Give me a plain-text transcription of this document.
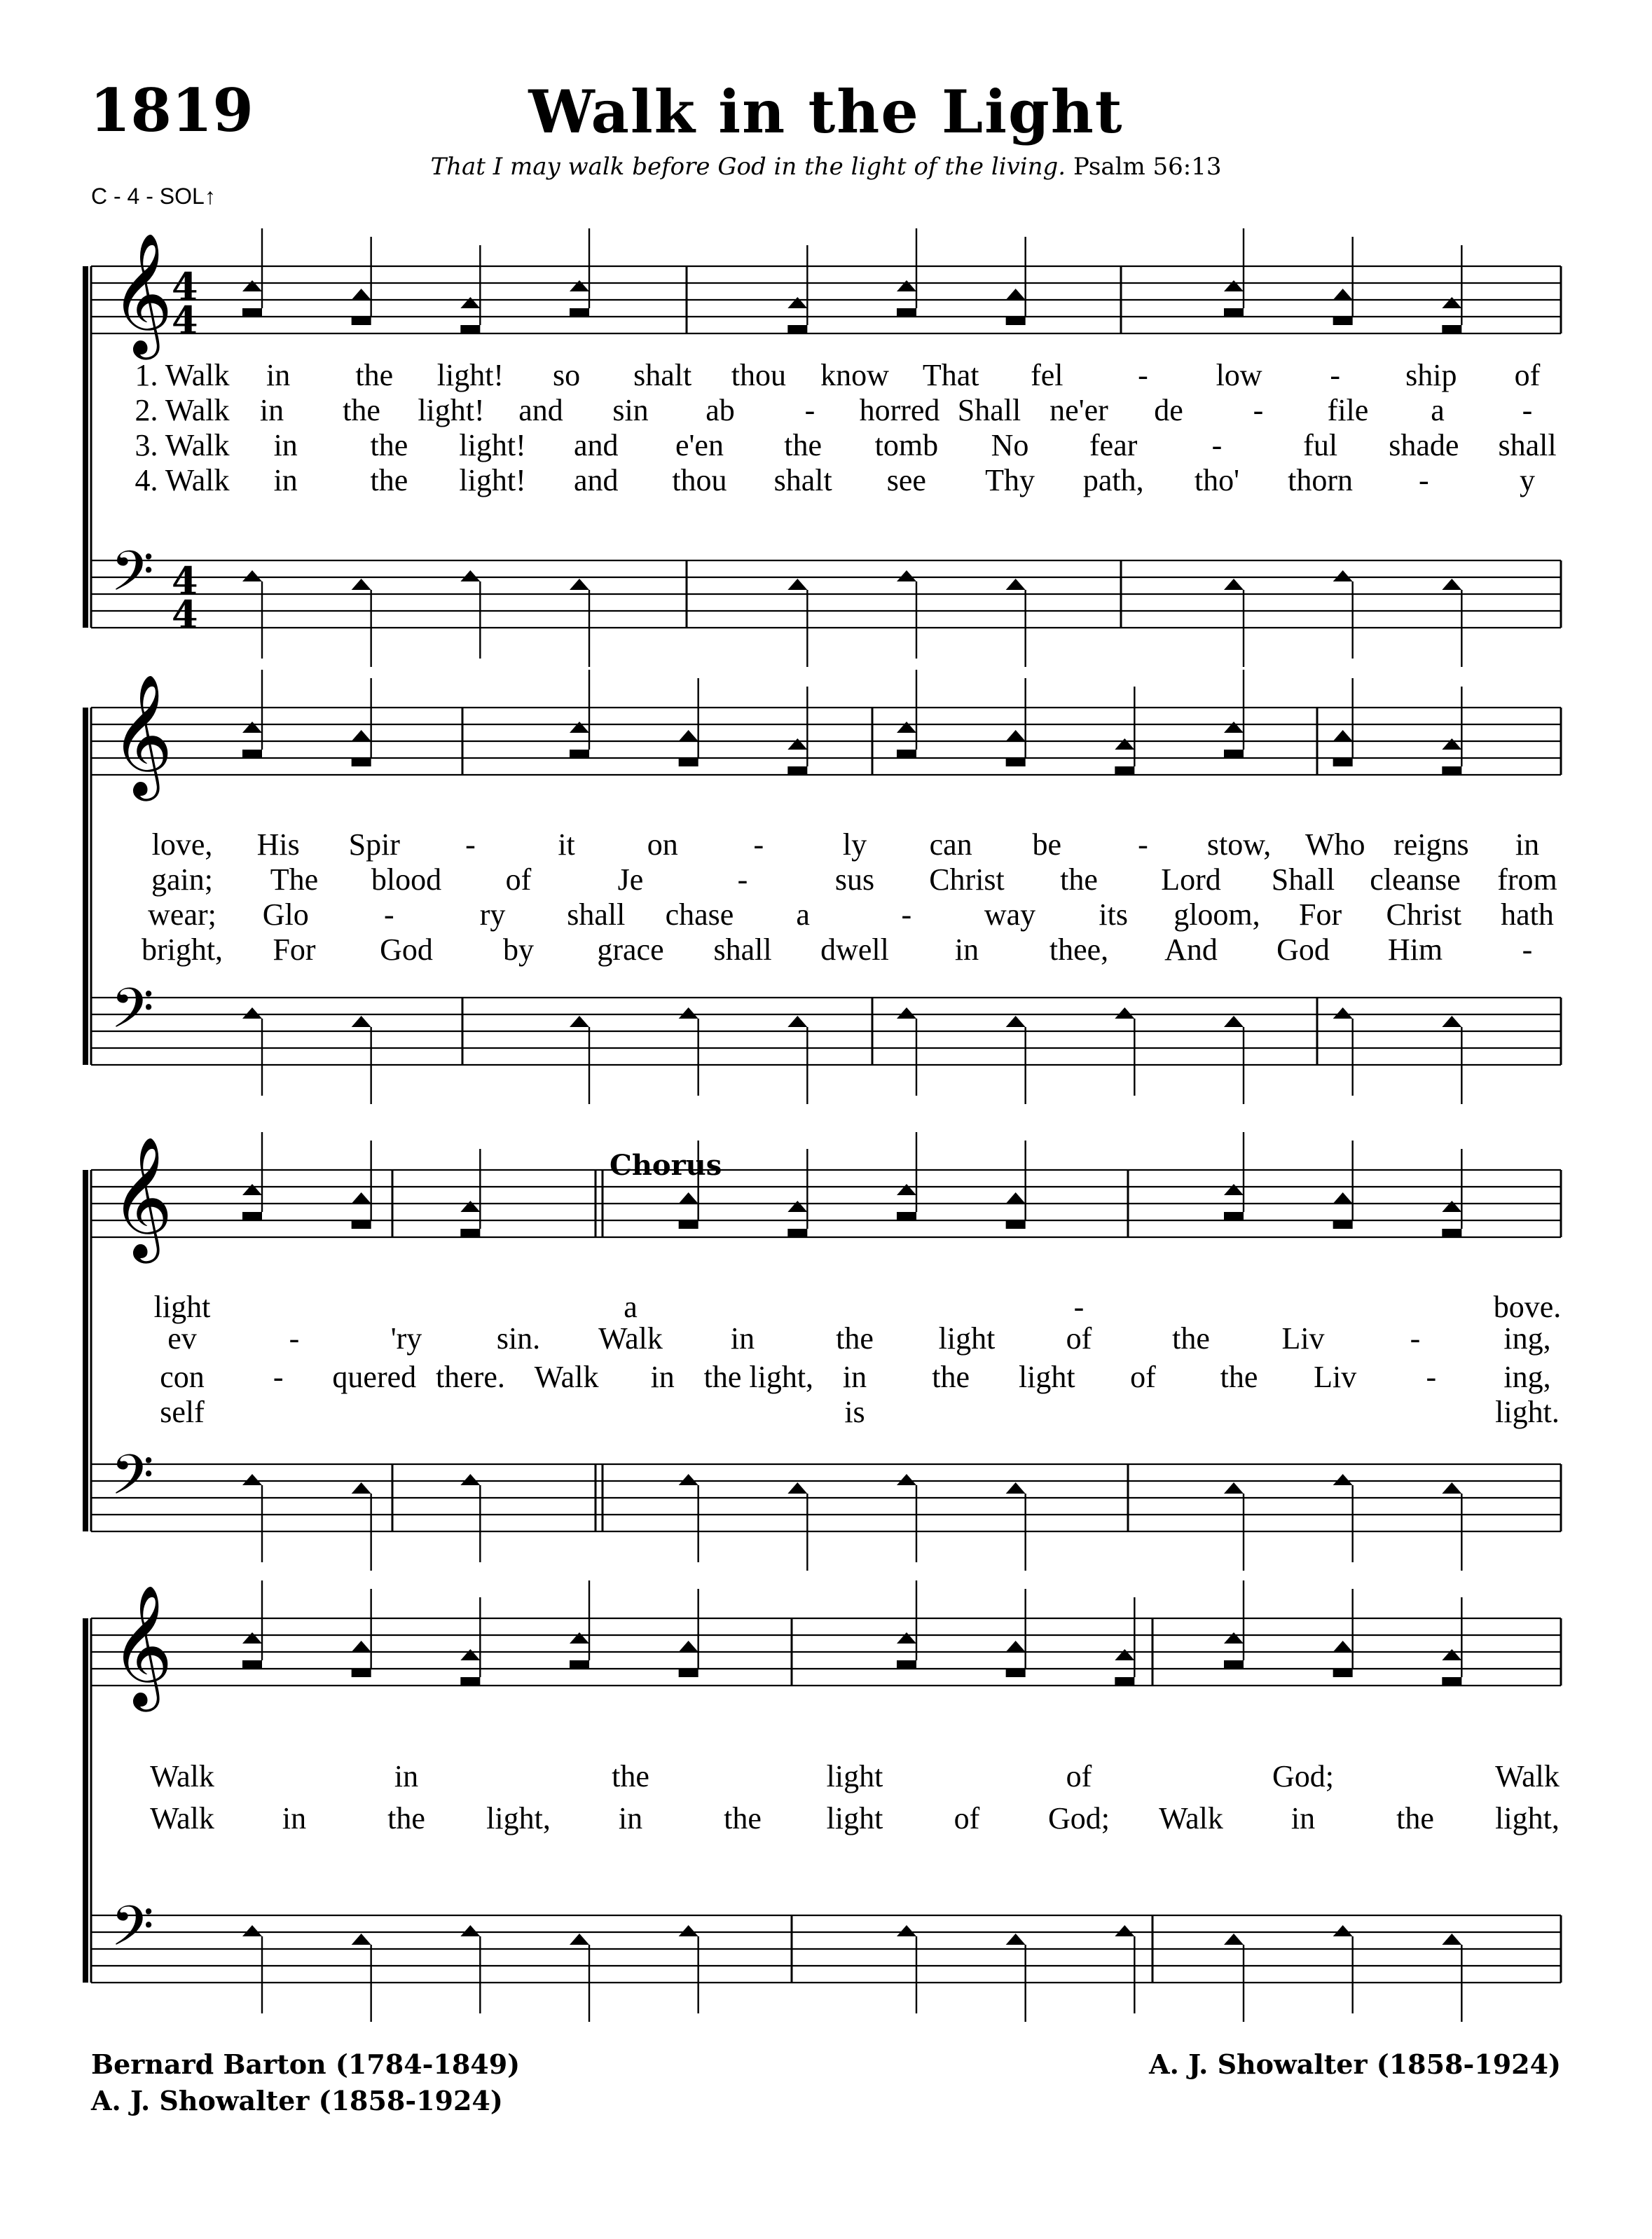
1819	Walk in the Light
That I may walk before God in the light of the living. Psalm 56:13
C - 4 - SOL↑
Chorus
𝄞
4
4
𝄢 4
4
𝄞
𝄢
𝄞
𝄢
𝄞
𝄢
1. Walk in the light! so shalt thou know That fel - low - ship of
2. Walk in the light! and sin ab - horred Shall ne'er de - file a	-
3. Walk in the light! and e'en the tomb No fear -	ful shade shall
4. Walk in the light! and thou shalt see Thy path, tho' thorn -	y
love, His Spir -	it on -	ly can be - stow, Who reigns in
gain; The blood of	Je	-	sus Christ the Lord Shall cleanse from
wear; Glo -	ry shall chase a	- way its gloom, For Christ hath
bright, For God by grace shall dwell in thee, And God Him	-
light	a	-	bove.
ev	-	'ry sin. Walk in	the light of	the Liv	-	ing,
con - quered there. Walk in the light, in the light of the Liv - ing,
self	is	light.
Walk	in	the	light	of	God;	Walk
Walk in	the light, in	the light of God; Walk in	the light,
Bernard Barton (1784-1849)
A. J. Showalter (1858-1924)
A. J. Showalter (1858-1924)
